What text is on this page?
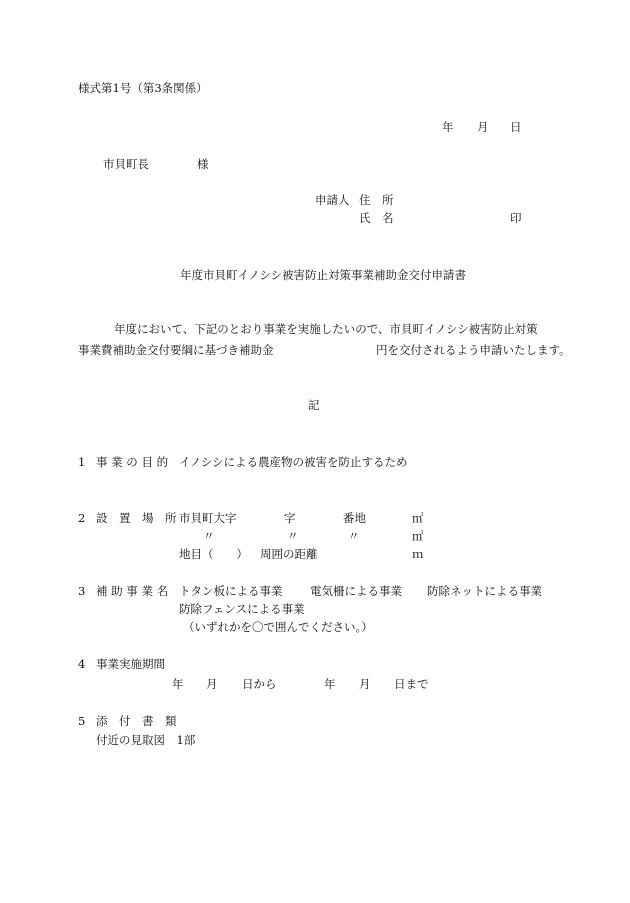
様式第1号（第3条関係）
年 月 日
市貝町長	様
申請人 住　所
氏　名	印
年度市貝町イノシシ被害防止対策事業補助金交付申請書
年度において、下記のとおり事業を実施したいので、市貝町イノシシ被害防止対策
事業費補助金交付要綱に基づき補助金	円を交付されるよう申請いたします。
記
1 事 業 の 目 的 イノシシによる農産物の被害を防止するため
2 設　置　場　所 市貝町大字	字	番地	㎡
〃	〃	〃	㎡
地目（　　） 周囲の距離	ｍ
3 補 助 事 業 名 トタン板による事業 電気柵による事業 防除ネットによる事業
防除フェンスによる事業
（いずれかを〇で囲んでください。）
4 事業実施期間
年 月 日から	年 月 日まで
5 添　付　書　類
付近の見取図　1部
